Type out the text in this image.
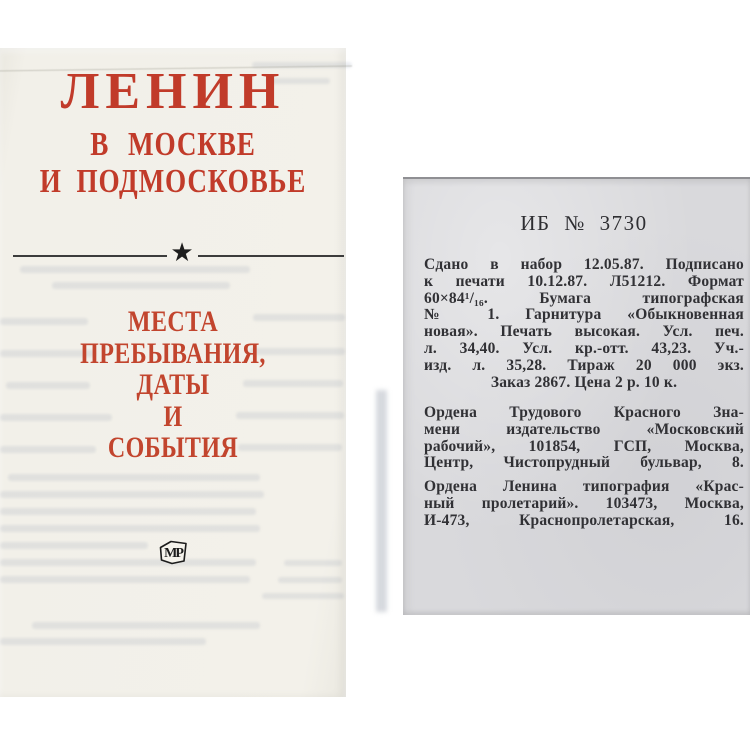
ЛЕНИН
В МОСКВЕ
И ПОДМОСКОВЬЕ
★
МЕСТА
ПРЕБЫВАНИЯ,
ДАТЫ
И
СОБЫТИЯ
МР
ИБ № 3730
Сдано в набор 12.05.87. Подписано
к печати 10.12.87. Л51212. Формат
60×84¹/₁₆. Бумага типографская
№ 1. Гарнитура «Обыкновенная
новая». Печать высокая. Усл. печ.
л. 34,40. Усл. кр.-отт. 43,23. Уч.-
изд. л. 35,28. Тираж 20 000 экз.
Заказ 2867. Цена 2 р. 10 к.
Ордена Трудового Красного Зна-
мени издательство «Московский
рабочий», 101854, ГСП, Москва,
Центр, Чистопрудный бульвар, 8.
Ордена Ленина типография «Крас-
ный пролетарий». 103473, Москва,
И-473, Краснопролетарская, 16.
